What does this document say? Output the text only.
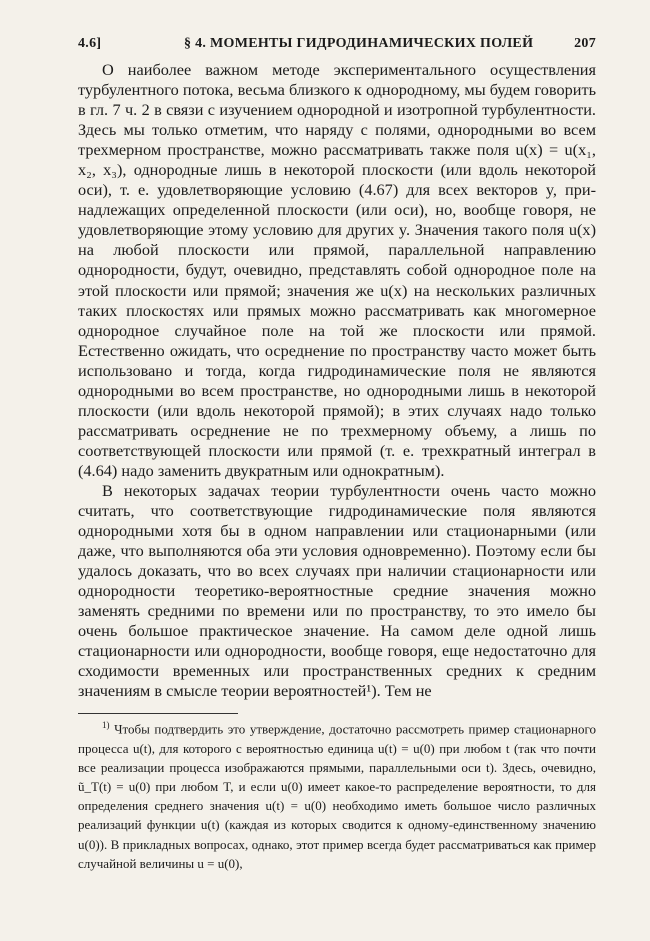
4.6]	§ 4. МОМЕНТЫ ГИДРОДИНАМИЧЕСКИХ ПОЛЕЙ	207

О наиболее важном методе экспериментального осуществления турбулентного потока, весьма близкого к однородному, мы будем говорить в гл. 7 ч. 2 в связи с изучением однородной и изотропной турбулентности. Здесь мы только отметим, что наряду с полями, однородными во всем трехмерном пространстве, можно рассматривать также поля u(x) = u(x₁, x₂, x₃), однородные лишь в некоторой плоскости (или вдоль некоторой оси), т. е. удовлетворяющие условию (4.67) для всех векторов y, принадлежащих определенной плоскости (или оси), но, вообще говоря, не удовлетворяющие этому условию для других y. Значения такого поля u(x) на любой плоскости или прямой, параллельной направлению однородности, будут, очевидно, представлять собой однородное поле на этой плоскости или прямой; значения же u(x) на нескольких различных таких плоскостях или прямых можно рассматривать как многомерное однородное случайное поле на той же плоскости или прямой. Естественно ожидать, что осреднение по пространству часто может быть использовано и тогда, когда гидродинамические поля не являются однородными во всем пространстве, но однородными лишь в некоторой плоскости (или вдоль некоторой прямой); в этих случаях надо только рассматривать осреднение не по трехмерному объему, а лишь по соответствующей плоскости или прямой (т. е. трехкратный интеграл в (4.64) надо заменить двукратным или однократным).

В некоторых задачах теории турбулентности очень часто можно считать, что соответствующие гидродинамические поля являются однородными хотя бы в одном направлении или стационарными (или даже, что выполняются оба эти условия одновременно). Поэтому если бы удалось доказать, что во всех случаях при наличии стационарности или однородности теоретико-вероятностные средние значения можно заменять средними по времени или по пространству, то это имело бы очень большое практическое значение. На самом деле одной лишь стационарности или однородности, вообще говоря, еще недостаточно для сходимости временных или пространственных средних к средним значениям в смысле теории вероятностей¹). Тем не

$^{1)}$ Чтобы подтвердить это утверждение, достаточно рассмотреть пример стационарного процесса u(t), для которого с вероятностью единица u(t) = u(0) при любом t (так что почти все реализации процесса изображаются прямыми, параллельными оси t). Здесь, очевидно, ũ_T(t) = u(0) при любом T, и если u(0) имеет какое-то распределение вероятности, то для определения среднего значения u(t) = u(0) необходимо иметь большое число различных реализаций функции u(t) (каждая из которых сводится к одному-единственному значению u(0)). В прикладных вопросах, однако, этот пример всегда будет рассматриваться как пример случайной величины u = u(0),
